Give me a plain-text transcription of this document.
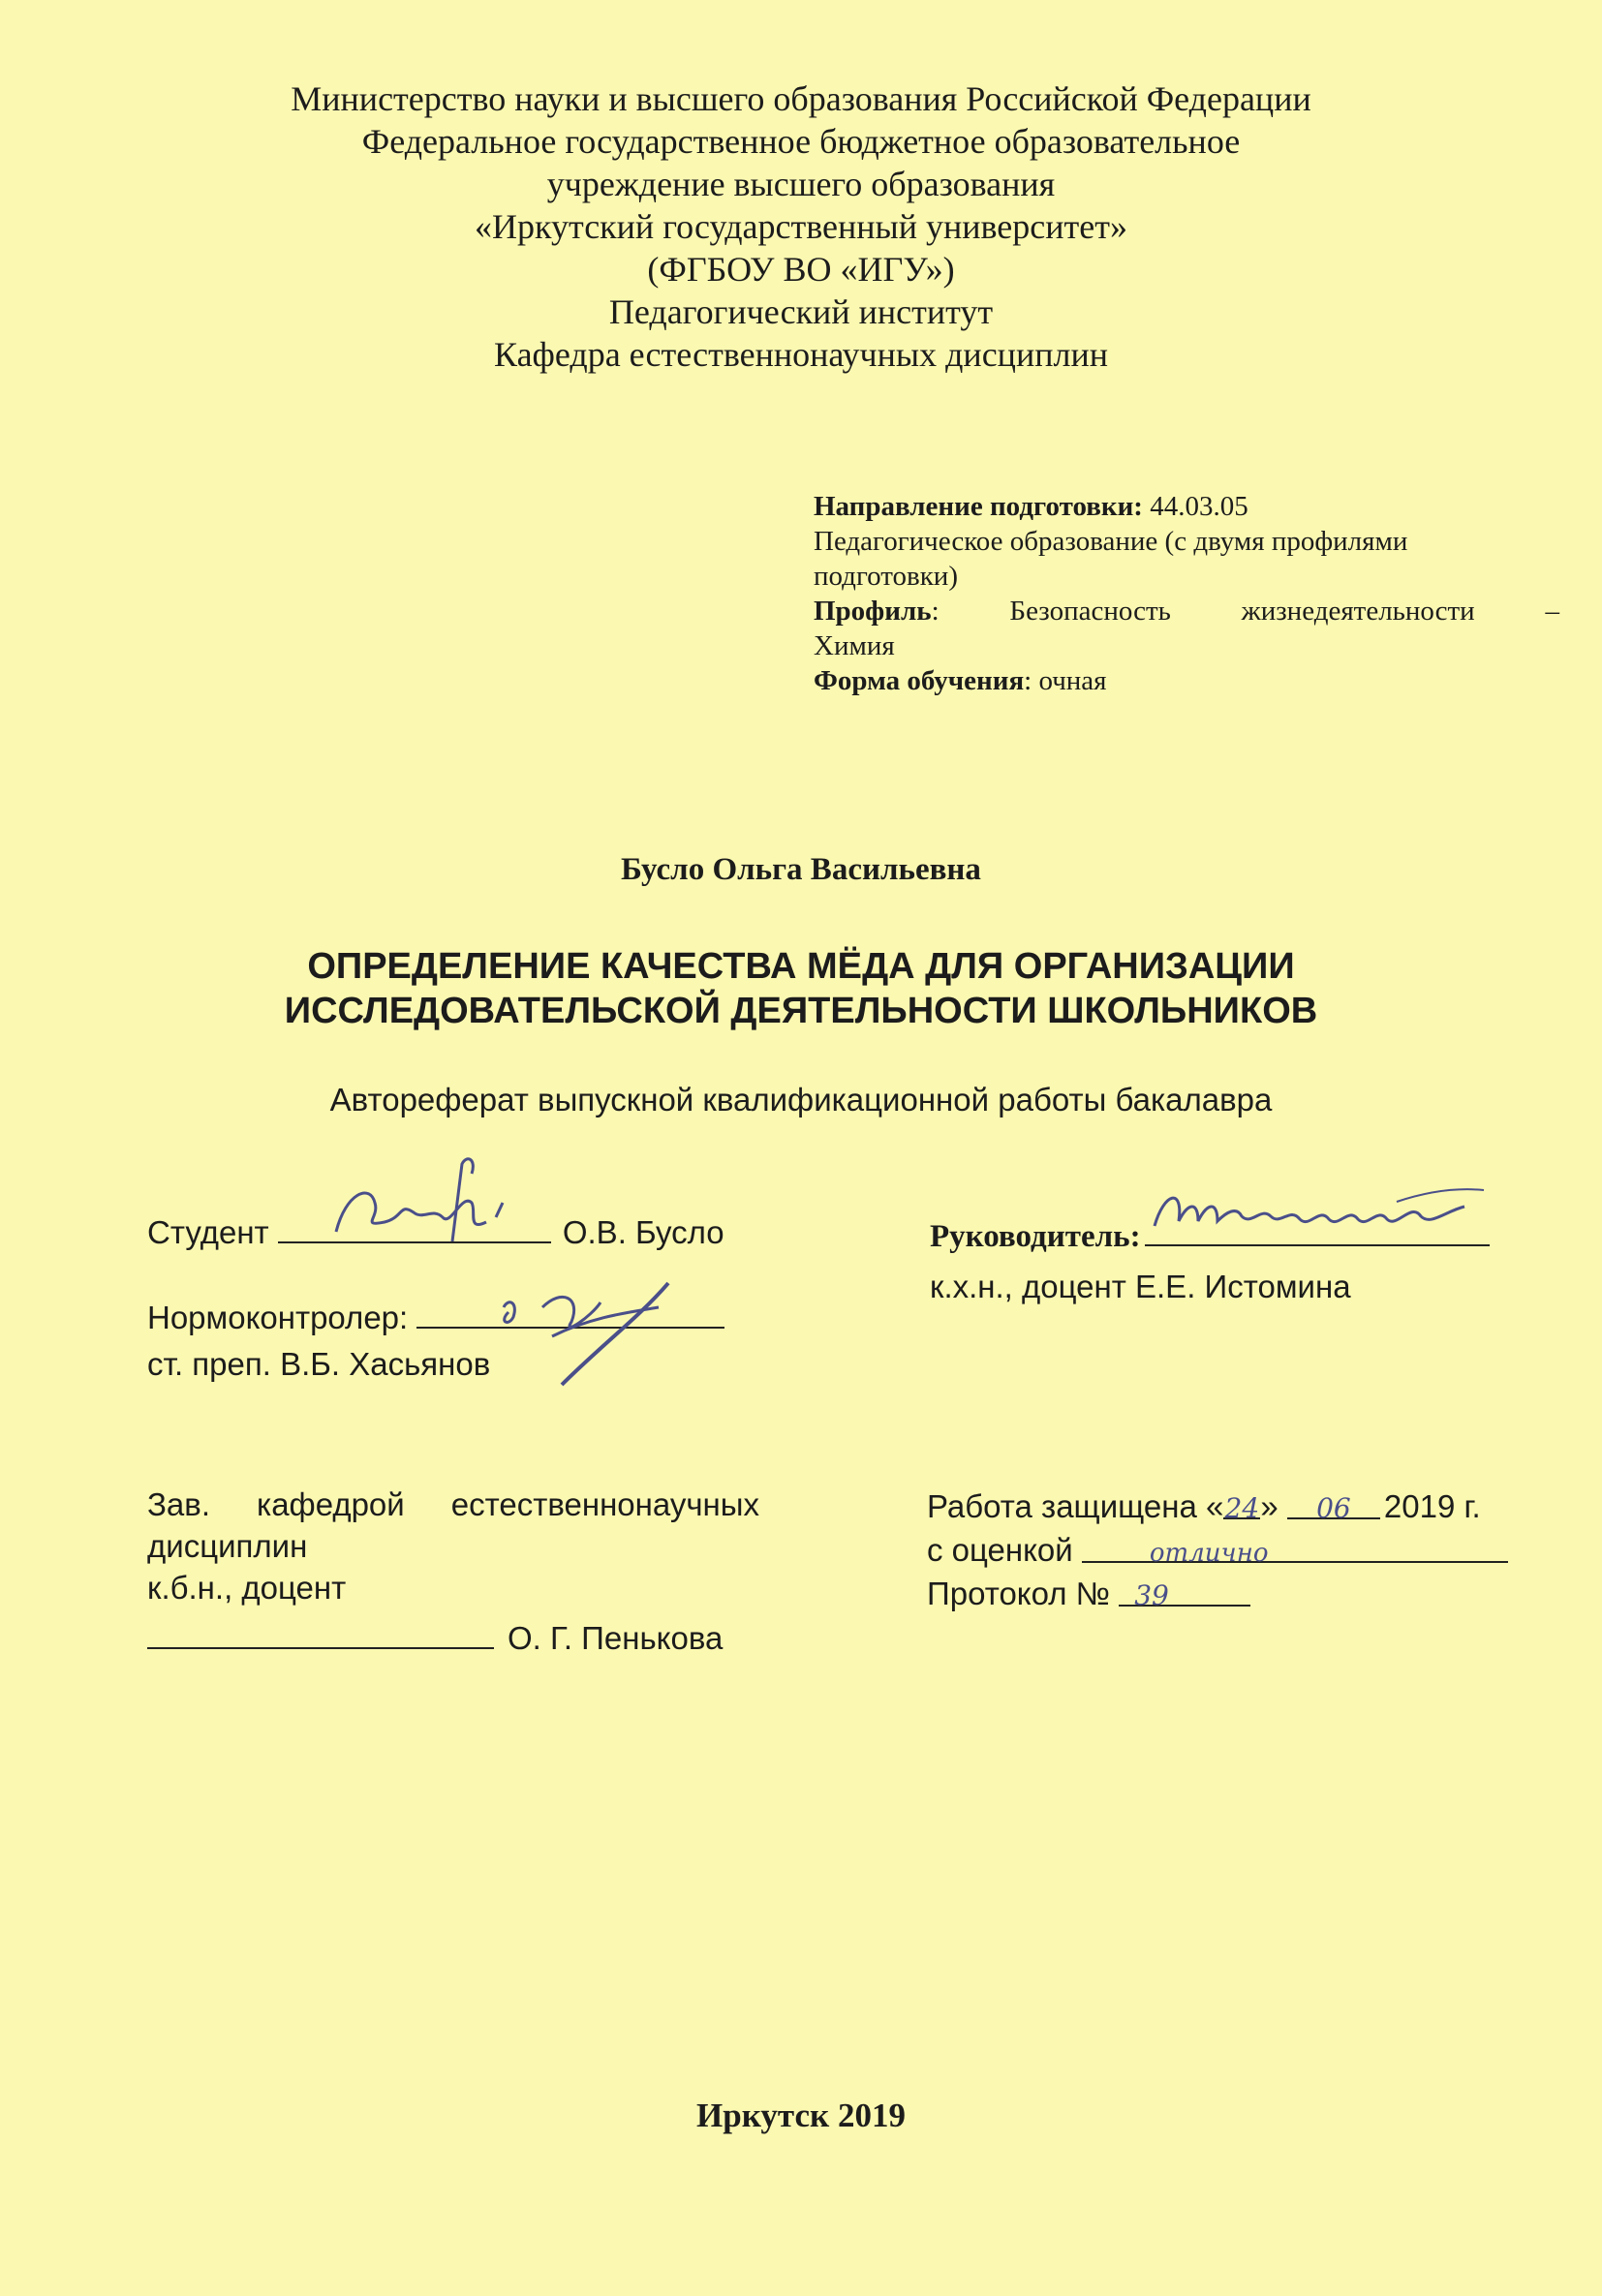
Министерство науки и высшего образования Российской Федерации
Федеральное государственное бюджетное образовательное
учреждение высшего образования
«Иркутский государственный университет»
(ФГБОУ ВО «ИГУ»)
Педагогический институт
Кафедра естественнонаучных дисциплин
Направление подготовки: 44.03.05
Педагогическое образование (с двумя профилями
подготовки)
Профиль: Безопасность жизнедеятельности –
Химия
Форма обучения: очная
Бусло Ольга Васильевна
ОПРЕДЕЛЕНИЕ КАЧЕСТВА МЁДА ДЛЯ ОРГАНИЗАЦИИ
ИССЛЕДОВАТЕЛЬСКОЙ ДЕЯТЕЛЬНОСТИ ШКОЛЬНИКОВ
Автореферат выпускной квалификационной работы бакалавра
Студент	О.В. Бусло
Нормоконтролер:
ст. преп. В.Б. Хасьянов
Руководитель:
к.х.н., доцент Е.Е. Истомина
Зав. кафедрой естественнонаучных
дисциплин
к.б.н., доцент
О. Г. Пенькова
Работа защищена «24» 06 2019 г.
с оценкой	отлично
Протокол № 39
Иркутск 2019
